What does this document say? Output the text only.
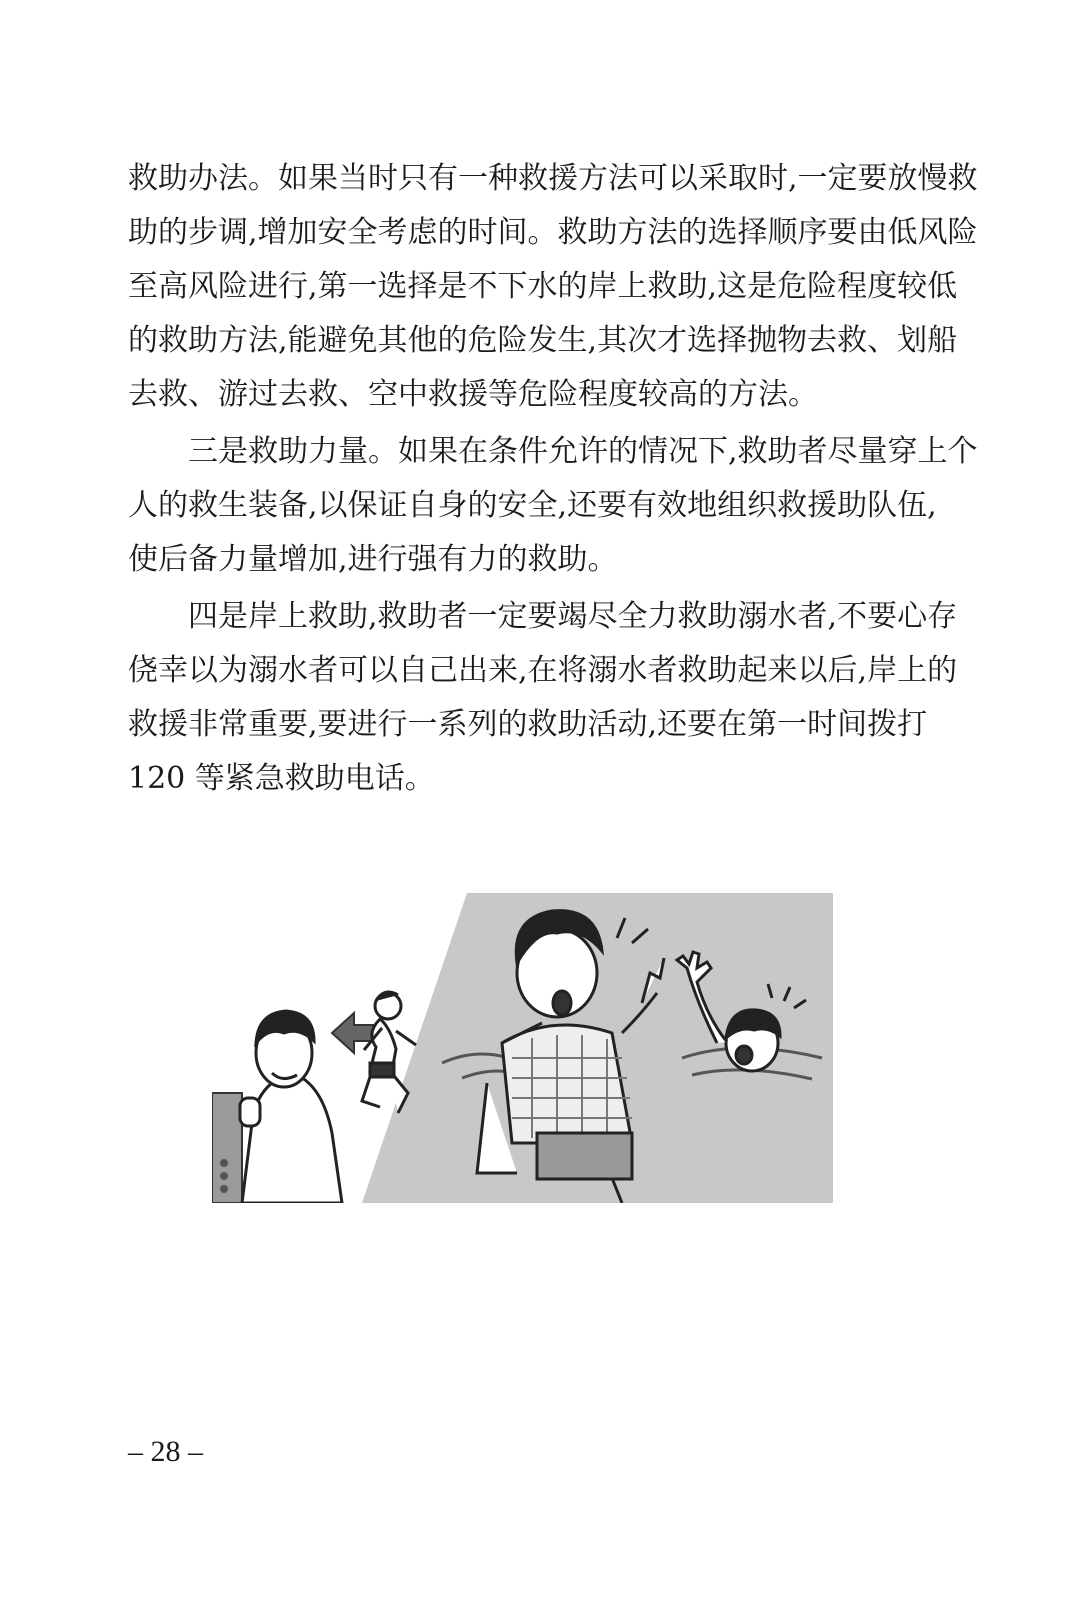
救助办法。如果当时只有一种救援方法可以采取时,一定要放慢救
助的步调,增加安全考虑的时间。救助方法的选择顺序要由低风险
至高风险进行,第一选择是不下水的岸上救助,这是危险程度较低
的救助方法,能避免其他的危险发生,其次才选择抛物去救、划船
去救、游过去救、空中救援等危险程度较高的方法。
三是救助力量。如果在条件允许的情况下,救助者尽量穿上个
人的救生装备,以保证自身的安全,还要有效地组织救援助队伍,
使后备力量增加,进行强有力的救助。
四是岸上救助,救助者一定要竭尽全力救助溺水者,不要心存
侥幸以为溺水者可以自己出来,在将溺水者救助起来以后,岸上的
救援非常重要,要进行一系列的救助活动,还要在第一时间拨打
120 等紧急救助电话。
– 28 –
